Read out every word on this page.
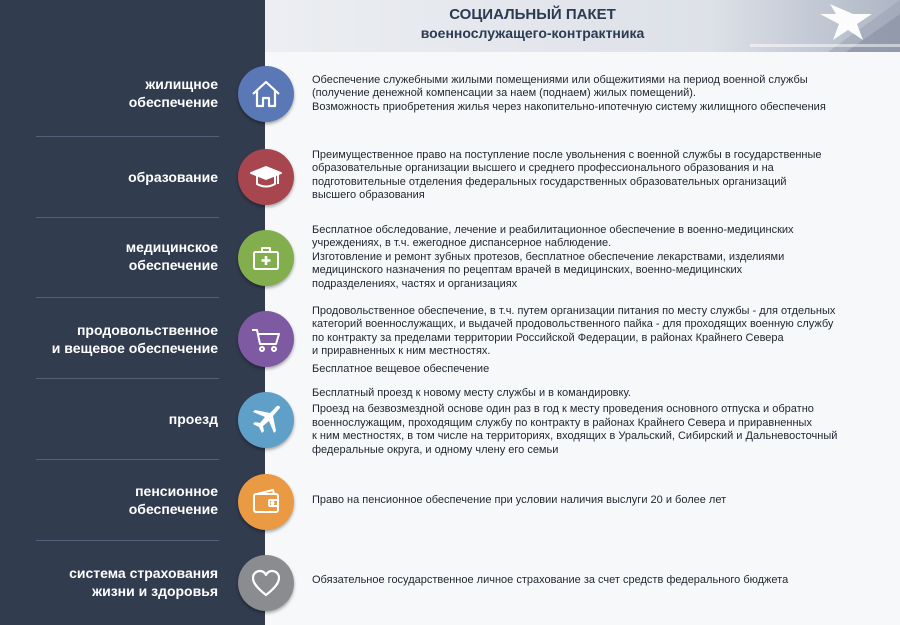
СОЦИАЛЬНЫЙ ПАКЕТ
военнослужащего-контрактника
жилищное
обеспечение

Обеспечение служебными жилыми помещениями или общежитиями на период военной службы

(получение денежной компенсации за наем (поднаем) жилых помещений).

Возможность приобретения жилья через накопительно-ипотечную систему жилищного обеспечения

образование

Преимущественное право на поступление после увольнения с военной службы в государственные

образовательные организации высшего и среднего профессионального образования и на

подготовительные отделения федеральных государственных образовательных организаций

высшего образования

медицинское
обеспечение

Бесплатное обследование, лечение и реабилитационное обеспечение в военно-медицинских

учреждениях, в т.ч. ежегодное диспансерное наблюдение.

Изготовление и ремонт зубных протезов, бесплатное обеспечение лекарствами, изделиями

медицинского назначения по рецептам врачей в медицинских, военно-медицинских

подразделениях, частях и организациях

продовольственное
и вещевое обеспечение

Продовольственное обеспечение, в т.ч. путем организации питания по месту службы - для отдельных

категорий военнослужащих, и выдачей продовольственного пайка - для проходящих военную службу

по контракту за пределами территории Российской Федерации, в районах Крайнего Севера

и приравненных к ним местностях.

Бесплатное вещевое обеспечение

проезд

Бесплатный проезд к новому месту службы и в командировку.

Проезд на безвозмездной основе один раз в год к месту проведения основного отпуска и обратно

военнослужащим, проходящим службу по контракту в районах Крайнего Севера и приравненных

к ним местностях, в том числе на территориях, входящих в Уральский, Сибирский и Дальневосточный

федеральные округа, и одному члену его семьи

пенсионное
обеспечение

Право на пенсионное обеспечение при условии наличия выслуги 20 и более лет

система страхования
жизни и здоровья

Обязательное государственное личное страхование за счет средств федерального бюджета
